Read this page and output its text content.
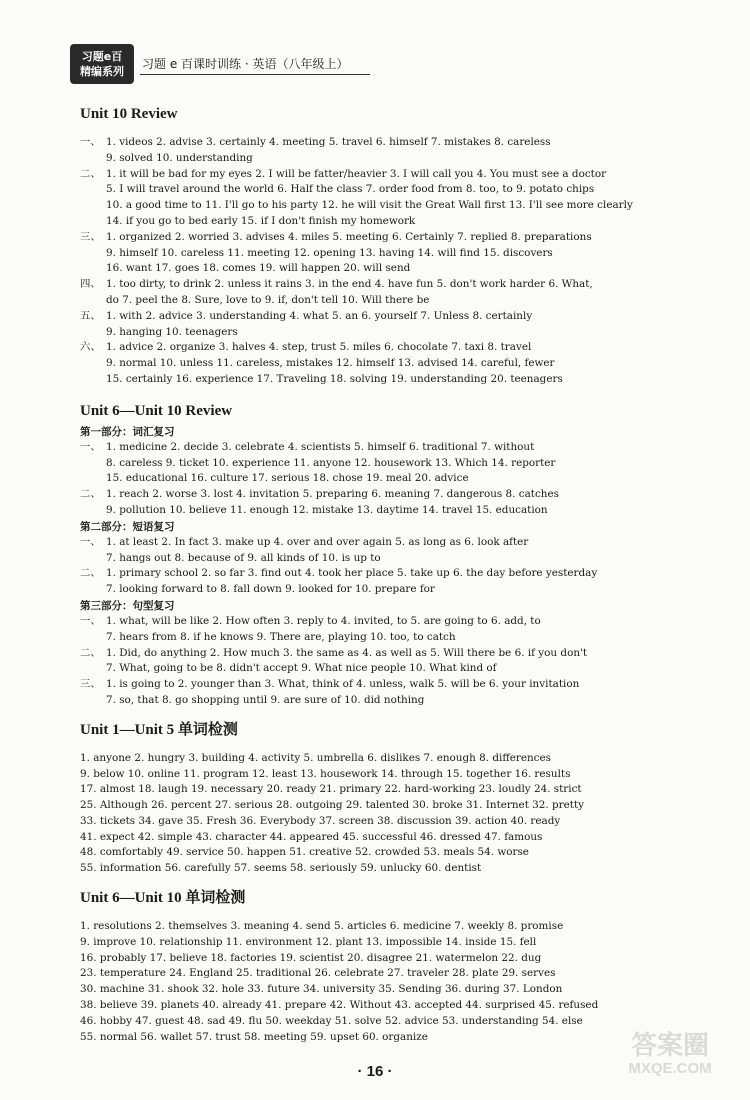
习题e百
精编系列
习题 e 百课时训练 · 英语（八年级上）
Unit 10 Review
一、 1. videos 2. advise 3. certainly 4. meeting 5. travel 6. himself 7. mistakes 8. careless
9. solved 10. understanding
二、 1. it will be bad for my eyes 2. I will be fatter/heavier 3. I will call you 4. You must see a doctor
5. I will travel around the world 6. Half the class 7. order food from 8. too, to 9. potato chips
10. a good time to 11. I'll go to his party 12. he will visit the Great Wall first 13. I'll see more clearly
14. if you go to bed early 15. if I don't finish my homework
三、 1. organized 2. worried 3. advises 4. miles 5. meeting 6. Certainly 7. replied 8. preparations
9. himself 10. careless 11. meeting 12. opening 13. having 14. will find 15. discovers
16. want 17. goes 18. comes 19. will happen 20. will send
四、 1. too dirty, to drink 2. unless it rains 3. in the end 4. have fun 5. don't work harder 6. What,
do 7. peel the 8. Sure, love to 9. if, don't tell 10. Will there be
五、 1. with 2. advice 3. understanding 4. what 5. an 6. yourself 7. Unless 8. certainly
9. hanging 10. teenagers
六、 1. advice 2. organize 3. halves 4. step, trust 5. miles 6. chocolate 7. taxi 8. travel
9. normal 10. unless 11. careless, mistakes 12. himself 13. advised 14. careful, fewer
15. certainly 16. experience 17. Traveling 18. solving 19. understanding 20. teenagers
Unit 6—Unit 10 Review
第一部分：词汇复习
一、 1. medicine 2. decide 3. celebrate 4. scientists 5. himself 6. traditional 7. without
8. careless 9. ticket 10. experience 11. anyone 12. housework 13. Which 14. reporter
15. educational 16. culture 17. serious 18. chose 19. meal 20. advice
二、 1. reach 2. worse 3. lost 4. invitation 5. preparing 6. meaning 7. dangerous 8. catches
9. pollution 10. believe 11. enough 12. mistake 13. daytime 14. travel 15. education
第二部分：短语复习
一、 1. at least 2. In fact 3. make up 4. over and over again 5. as long as 6. look after
7. hangs out 8. because of 9. all kinds of 10. is up to
二、 1. primary school 2. so far 3. find out 4. took her place 5. take up 6. the day before yesterday
7. looking forward to 8. fall down 9. looked for 10. prepare for
第三部分：句型复习
一、 1. what, will be like 2. How often 3. reply to 4. invited, to 5. are going to 6. add, to
7. hears from 8. if he knows 9. There are, playing 10. too, to catch
二、 1. Did, do anything 2. How much 3. the same as 4. as well as 5. Will there be 6. if you don't
7. What, going to be 8. didn't accept 9. What nice people 10. What kind of
三、 1. is going to 2. younger than 3. What, think of 4. unless, walk 5. will be 6. your invitation
7. so, that 8. go shopping until 9. are sure of 10. did nothing
Unit 1—Unit 5 单词检测
1. anyone 2. hungry 3. building 4. activity 5. umbrella 6. dislikes 7. enough 8. differences
9. below 10. online 11. program 12. least 13. housework 14. through 15. together 16. results
17. almost 18. laugh 19. necessary 20. ready 21. primary 22. hard-working 23. loudly 24. strict
25. Although 26. percent 27. serious 28. outgoing 29. talented 30. broke 31. Internet 32. pretty
33. tickets 34. gave 35. Fresh 36. Everybody 37. screen 38. discussion 39. action 40. ready
41. expect 42. simple 43. character 44. appeared 45. successful 46. dressed 47. famous
48. comfortably 49. service 50. happen 51. creative 52. crowded 53. meals 54. worse
55. information 56. carefully 57. seems 58. seriously 59. unlucky 60. dentist
Unit 6—Unit 10 单词检测
1. resolutions 2. themselves 3. meaning 4. send 5. articles 6. medicine 7. weekly 8. promise
9. improve 10. relationship 11. environment 12. plant 13. impossible 14. inside 15. fell
16. probably 17. believe 18. factories 19. scientist 20. disagree 21. watermelon 22. dug
23. temperature 24. England 25. traditional 26. celebrate 27. traveler 28. plate 29. serves
30. machine 31. shook 32. hole 33. future 34. university 35. Sending 36. during 37. London
38. believe 39. planets 40. already 41. prepare 42. Without 43. accepted 44. surprised 45. refused
46. hobby 47. guest 48. sad 49. flu 50. weekday 51. solve 52. advice 53. understanding 54. else
55. normal 56. wallet 57. trust 58. meeting 59. upset 60. organize
· 16 ·
答案圈
MXQE.COM
